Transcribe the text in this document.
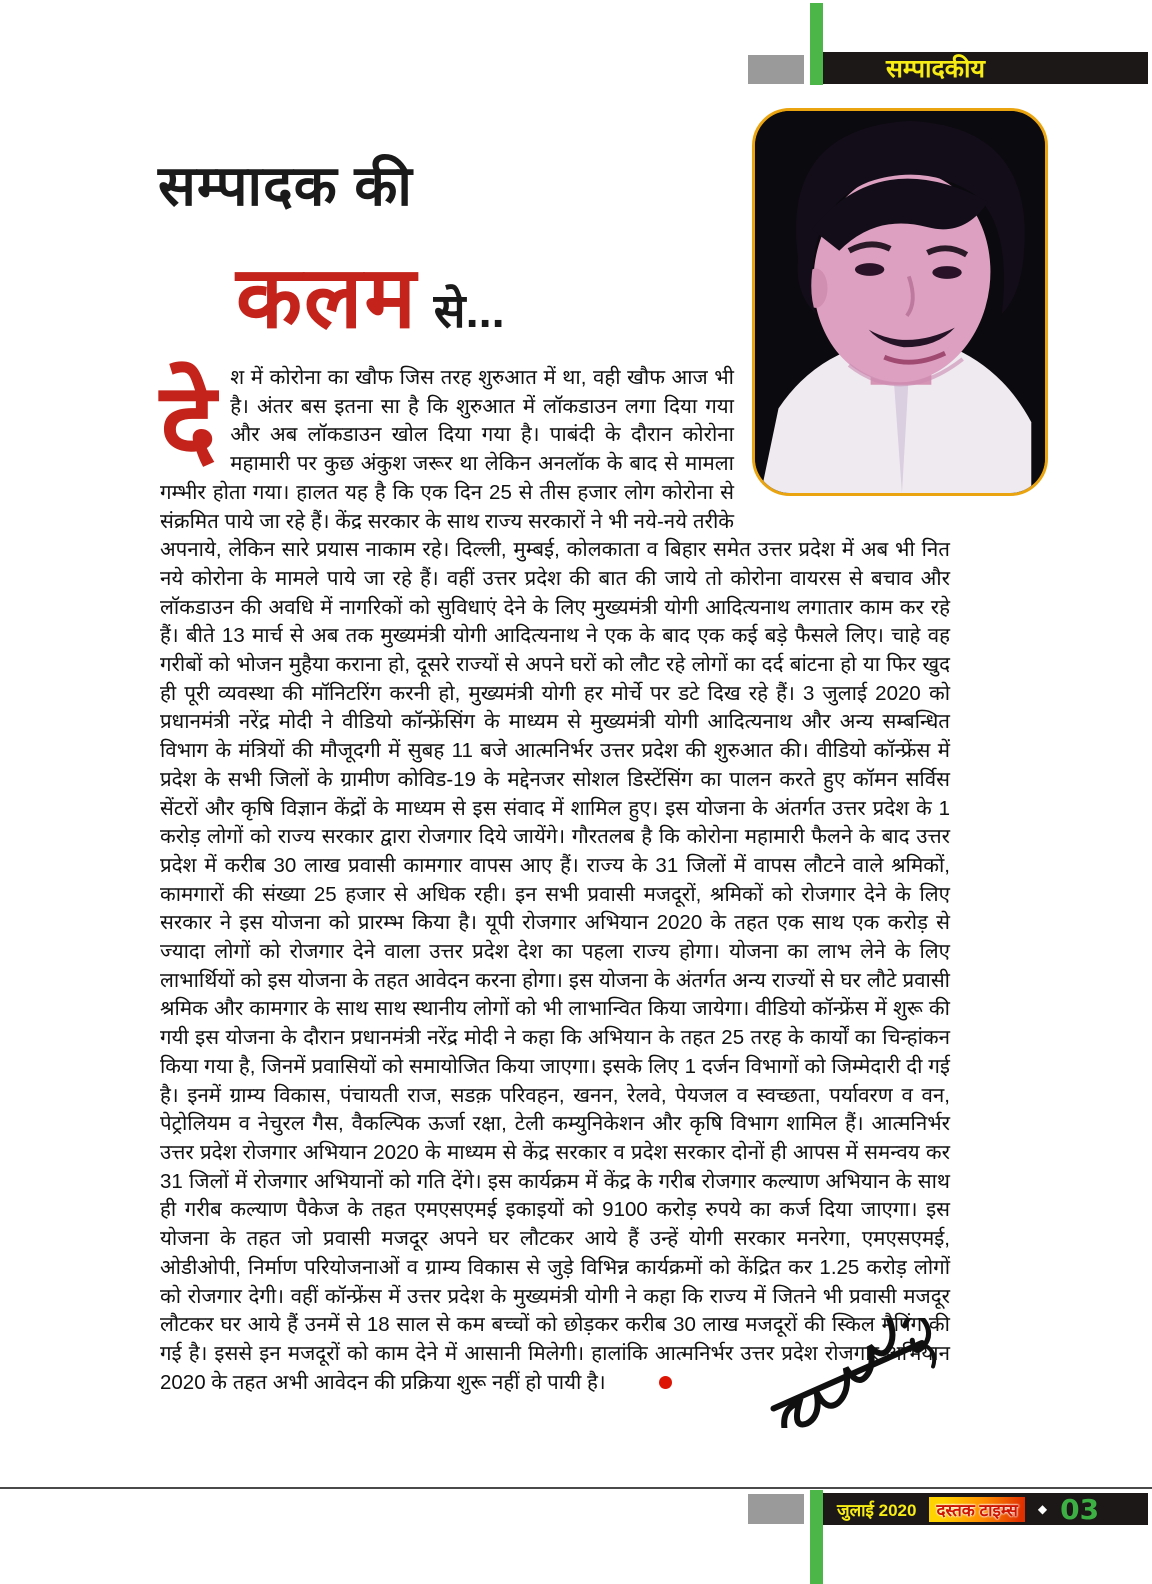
सम्पादकीय
सम्पादक की
कलम से...
दे श में कोरोना का खौफ जिस तरह शुरुआत में था, वही खौफ आज भी है। अंतर बस इतना सा है कि शुरुआत में लॉकडाउन लगा दिया गया और अब लॉकडाउन खोल दिया गया है। पाबंदी के दौरान कोरोना महामारी पर कुछ अंकुश जरूर था लेकिन अनलॉक के बाद से मामला गम्भीर होता गया। हालत यह है कि एक दिन 25 से तीस हजार लोग कोरोना से संक्रमित पाये जा रहे हैं। केंद्र सरकार के साथ राज्य सरकारों ने भी नये-नये तरीके अपनाये, लेकिन सारे प्रयास नाकाम रहे। दिल्ली, मुम्बई, कोलकाता व बिहार समेत उत्तर प्रदेश में अब भी नित नये कोरोना के मामले पाये जा रहे हैं। वहीं उत्तर प्रदेश की बात की जाये तो कोरोना वायरस से बचाव और लॉकडाउन की अवधि में नागरिकों को सुविधाएं देने के लिए मुख्यमंत्री योगी आदित्यनाथ लगातार काम कर रहे हैं। बीते 13 मार्च से अब तक मुख्यमंत्री योगी आदित्यनाथ ने एक के बाद एक कई बड़े फैसले लिए। चाहे वह गरीबों को भोजन मुहैया कराना हो, दूसरे राज्यों से अपने घरों को लौट रहे लोगों का दर्द बांटना हो या फिर खुद ही पूरी व्यवस्था की मॉनिटरिंग करनी हो, मुख्यमंत्री योगी हर मोर्चे पर डटे दिख रहे हैं। 3 जुलाई 2020 को प्रधानमंत्री नरेंद्र मोदी ने वीडियो कॉन्फ्रेंसिंग के माध्यम से मुख्यमंत्री योगी आदित्यनाथ और अन्य सम्बन्धित विभाग के मंत्रियों की मौजूदगी में सुबह 11 बजे आत्मनिर्भर उत्तर प्रदेश की शुरुआत की। वीडियो कॉन्फ्रेंस में प्रदेश के सभी जिलों के ग्रामीण कोविड-19 के मद्देनजर सोशल डिस्टेंसिंग का पालन करते हुए कॉमन सर्विस सेंटरों और कृषि विज्ञान केंद्रों के माध्यम से इस संवाद में शामिल हुए। इस योजना के अंतर्गत उत्तर प्रदेश के 1 करोड़ लोगों को राज्य सरकार द्वारा रोजगार दिये जायेंगे। गौरतलब है कि कोरोना महामारी फैलने के बाद उत्तर प्रदेश में करीब 30 लाख प्रवासी कामगार वापस आए हैं। राज्य के 31 जिलों में वापस लौटने वाले श्रमिकों, कामगारों की संख्या 25 हजार से अधिक रही। इन सभी प्रवासी मजदूरों, श्रमिकों को रोजगार देने के लिए सरकार ने इस योजना को प्रारम्भ किया है। यूपी रोजगार अभियान 2020 के तहत एक साथ एक करोड़ से ज्यादा लोगों को रोजगार देने वाला उत्तर प्रदेश देश का पहला राज्य होगा। योजना का लाभ लेने के लिए लाभार्थियों को इस योजना के तहत आवेदन करना होगा। इस योजना के अंतर्गत अन्य राज्यों से घर लौटे प्रवासी श्रमिक और कामगार के साथ साथ स्थानीय लोगों को भी लाभान्वित किया जायेगा। वीडियो कॉन्फ्रेंस में शुरू की गयी इस योजना के दौरान प्रधानमंत्री नरेंद्र मोदी ने कहा कि अभियान के तहत 25 तरह के कार्यों का चिन्हांकन किया गया है, जिनमें प्रवासियों को समायोजित किया जाएगा। इसके लिए 1 दर्जन विभागों को जिम्मेदारी दी गई है। इनमें ग्राम्य विकास, पंचायती राज, सडक़ परिवहन, खनन, रेलवे, पेयजल व स्वच्छता, पर्यावरण व वन, पेट्रोलियम व नेचुरल गैस, वैकल्पिक ऊर्जा रक्षा, टेली कम्युनिकेशन और कृषि विभाग शामिल हैं। आत्मनिर्भर उत्तर प्रदेश रोजगार अभियान 2020 के माध्यम से केंद्र सरकार व प्रदेश सरकार दोनों ही आपस में समन्वय कर 31 जिलों में रोजगार अभियानों को गति देंगे। इस कार्यक्रम में केंद्र के गरीब रोजगार कल्याण अभियान के साथ ही गरीब कल्याण पैकेज के तहत एमएसएमई इकाइयों को 9100 करोड़ रुपये का कर्ज दिया जाएगा। इस योजना के तहत जो प्रवासी मजदूर अपने घर लौटकर आये हैं उन्हें योगी सरकार मनरेगा, एमएसएमई, ओडीओपी, निर्माण परियोजनाओं व ग्राम्य विकास से जुड़े विभिन्न कार्यक्रमों को केंद्रित कर 1.25 करोड़ लोगों को रोजगार देगी। वहीं कॉन्फ्रेंस में उत्तर प्रदेश के मुख्यमंत्री योगी ने कहा कि राज्य में जितने भी प्रवासी मजदूर लौटकर घर आये हैं उनमें से 18 साल से कम बच्चों को छोड़कर करीब 30 लाख मजदूरों की स्किल मैपिंग की गई है। इससे इन मजदूरों को काम देने में आसानी मिलेगी। हालांकि आत्मनिर्भर उत्तर प्रदेश रोजगार अभियान 2020 के तहत अभी आवेदन की प्रक्रिया शुरू नहीं हो पायी है।
जुलाई 2020	दस्तक टाइम्स	◆ 03
